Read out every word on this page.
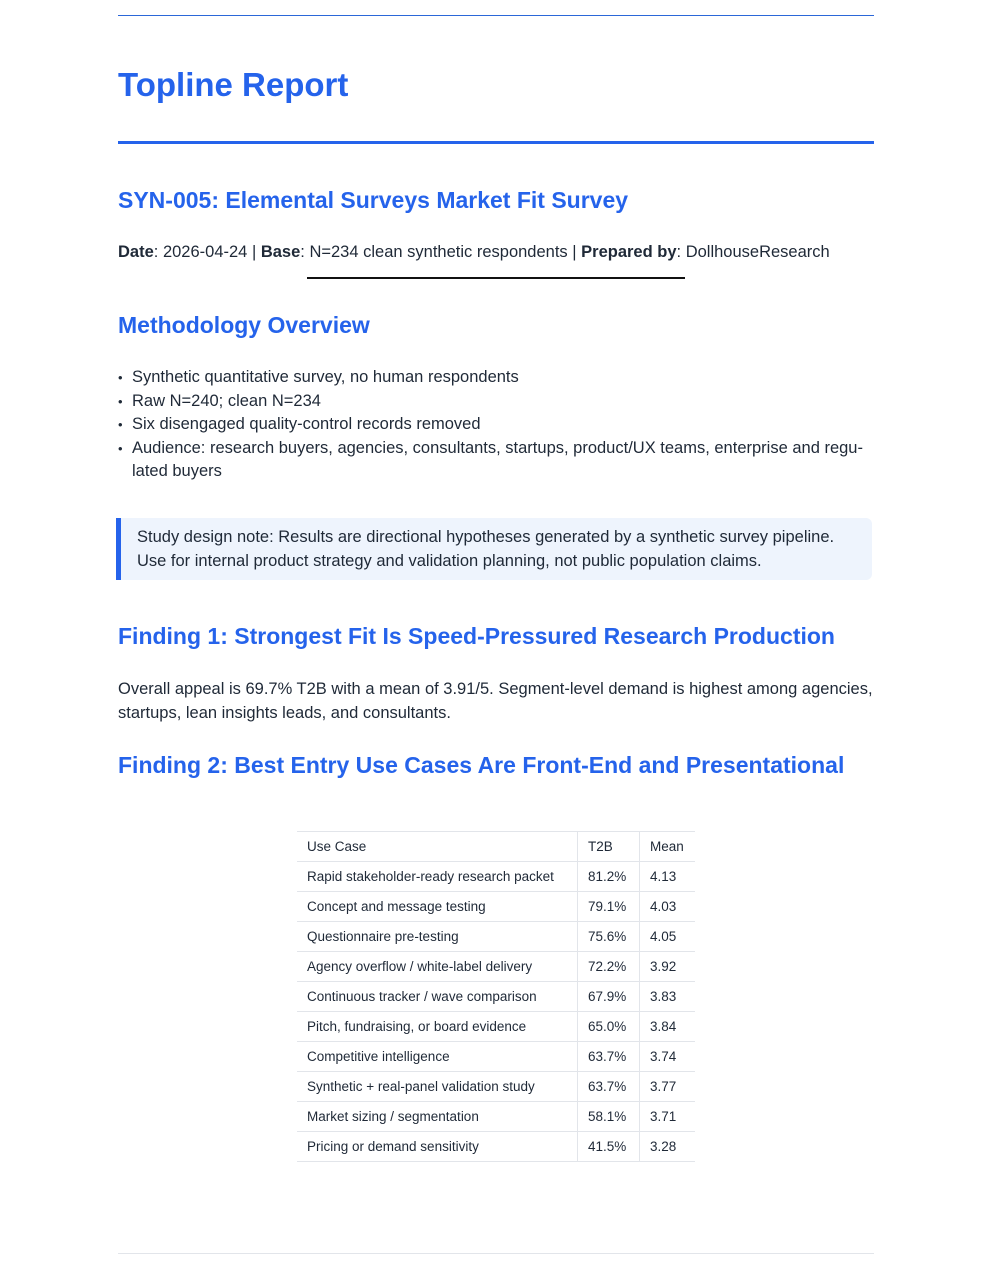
Topline Report
SYN-005: Elemental Surveys Market Fit Survey
Date: 2026-04-24 | Base: N=234 clean synthetic respondents | Prepared by: DollhouseResearch
Methodology Overview
• Synthetic quantitative survey, no human respondents
• Raw N=240; clean N=234
• Six disengaged quality-control records removed
• Audience: research buyers, agencies, consultants, startups, product/UX teams, enterprise and regu-lated buyers
Study design note: Results are directional hypotheses generated by a synthetic survey pipeline. Use for internal product strategy and validation planning, not public population claims.
Finding 1: Strongest Fit Is Speed-Pressured Research Production

Overall appeal is 69.7% T2B with a mean of 3.91/5. Segment-level demand is highest among agencies, startups, lean insights leads, and consultants.

Finding 2: Best Entry Use Cases Are Front-End and Presentational
Use Case	T2B	Mean
Rapid stakeholder-ready research packet	81.2%	4.13
Concept and message testing	79.1%	4.03
Questionnaire pre-testing	75.6%	4.05
Agency overflow / white-label delivery	72.2%	3.92
Continuous tracker / wave comparison	67.9%	3.83
Pitch, fundraising, or board evidence	65.0%	3.84
Competitive intelligence	63.7%	3.74
Synthetic + real-panel validation study	63.7%	3.77
Market sizing / segmentation	58.1%	3.71
Pricing or demand sensitivity	41.5%	3.28
